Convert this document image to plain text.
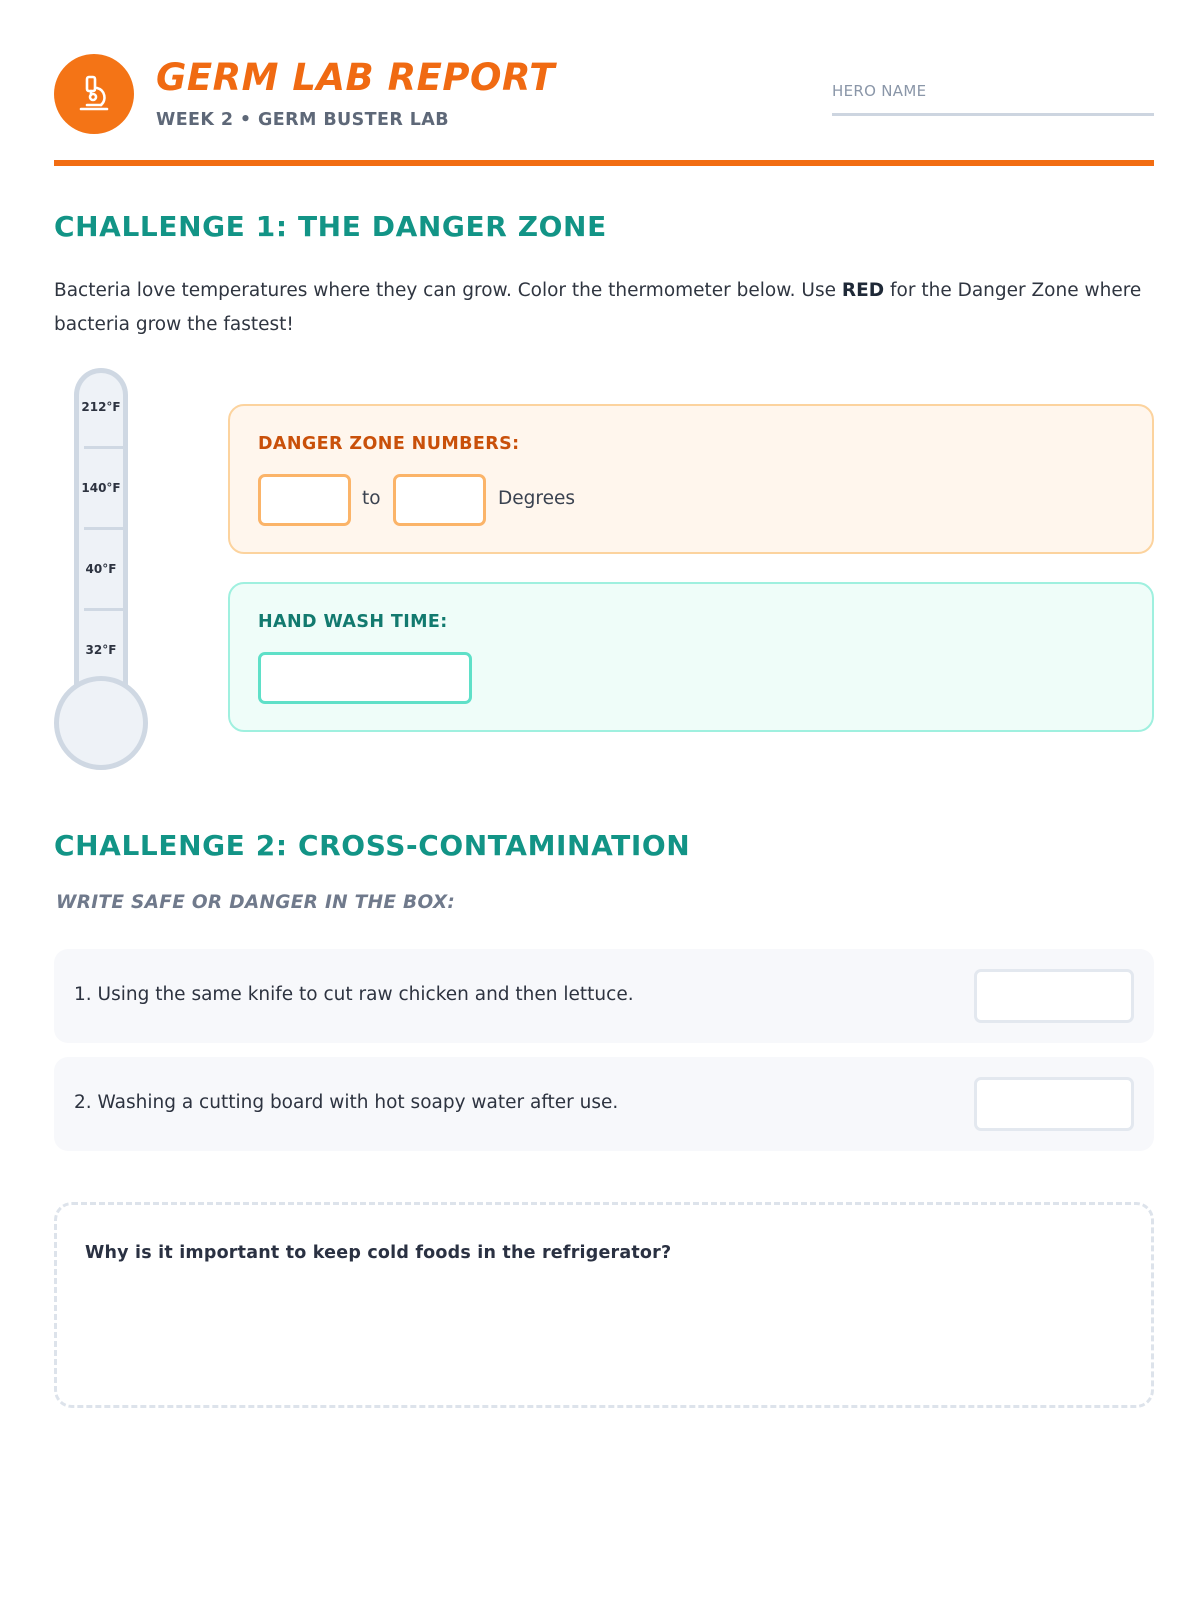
GERM LAB REPORT
WEEK 2 • GERM BUSTER LAB
HERO NAME
CHALLENGE 1: THE DANGER ZONE

Bacteria love temperatures where they can grow. Color the thermometer below. Use RED for the Danger Zone where bacteria grow the fastest!

212°F
140°F
40°F
32°F
DANGER ZONE NUMBERS:
to	Degrees
HAND WASH TIME:
CHALLENGE 2: CROSS-CONTAMINATION
WRITE SAFE OR DANGER IN THE BOX:
1. Using the same knife to cut raw chicken and then lettuce.
2. Washing a cutting board with hot soapy water after use.
Why is it important to keep cold foods in the refrigerator?
